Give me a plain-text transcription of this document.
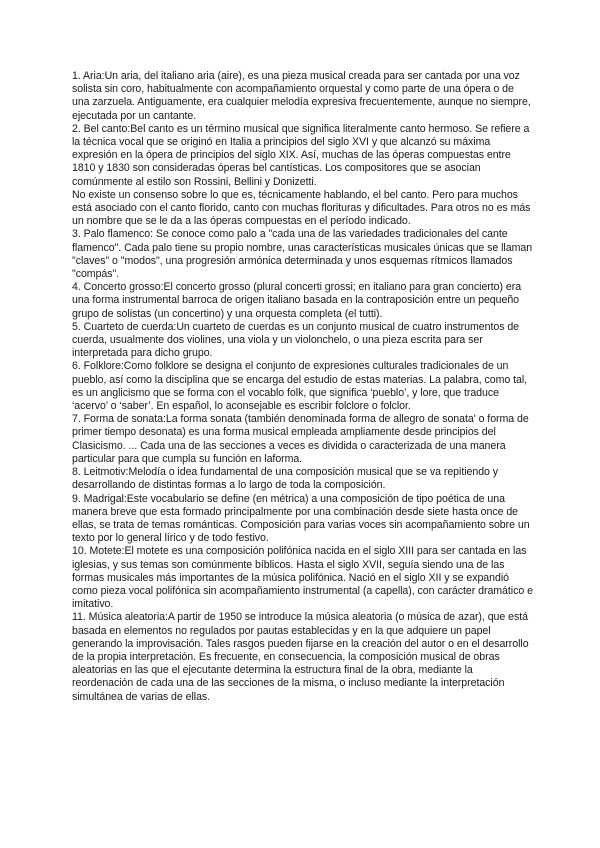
1. Aria:Un aria, del italiano aria (aire), es una pieza musical creada para ser cantada por una voz solista sin coro, habitualmente con acompañamiento orquestal y como parte de una ópera o de una zarzuela. Antiguamente, era cualquier melodía expresiva frecuentemente, aunque no siempre, ejecutada por un cantante.

2. Bel canto:Bel canto es un término musical que significa literalmente canto hermoso. Se refiere a la técnica vocal que se originó en Italia a principios del siglo XVI y que alcanzó su máxima expresión en la ópera de principios del siglo XIX. Así, muchas de las óperas compuestas entre 1810 y 1830 son consideradas óperas bel cantísticas. Los compositores que se asocian comúnmente al estilo son Rossini, Bellini y Donizetti.

No existe un consenso sobre lo que es, técnicamente hablando, el bel canto. Pero para muchos está asociado con el canto florido, canto con muchas florituras y dificultades. Para otros no es más un nombre que se le da a las óperas compuestas en el período indicado.

3. Palo flamenco: Se conoce como palo a "cada una de las variedades tradicionales del cante flamenco". Cada palo tiene su propio nombre, unas características musicales únicas que se llaman "claves" o "modos", una progresión armónica determinada y unos esquemas rítmicos llamados "compás".

4. Concerto grosso:El concerto grosso (plural concerti grossi; en italiano para gran concierto) era una forma instrumental barroca de origen italiano basada en la contraposición entre un pequeño grupo de solistas (un concertino) y una orquesta completa (el tutti).

5. Cuarteto de cuerda:Un cuarteto de cuerdas es un conjunto musical de cuatro instrumentos de cuerda, usualmente dos violines, una viola y un violonchelo, o una pieza escrita para ser interpretada para dicho grupo.

6. Folklore:Como folklore se designa el conjunto de expresiones culturales tradicionales de un pueblo, así como la disciplina que se encarga del estudio de estas materias. La palabra, como tal, es un anglicismo que se forma con el vocablo folk, que significa ‘pueblo’, y lore, que traduce ‘acervo’ o ‘saber’. En español, lo aconsejable es escribir folclore o folclor.

7. Forma de sonata:La forma sonata (también denominada forma de allegro de sonata' o forma de primer tiempo desonata) es una forma musical empleada ampliamente desde principios del Clasicismo. ... Cada una de las secciones a veces es dividida o caracterizada de una manera particular para que cumpla su función en laforma.

8. Leitmotiv:Melodía o idea fundamental de una composición musical que se va repitiendo y desarrollando de distintas formas a lo largo de toda la composición.

9. Madrigal:Este vocabulario se define (en métrica) a una composición de tipo poética de una manera breve que esta formado principalmente por una combinación desde siete hasta once de ellas, se trata de temas románticas. Composición para varias voces sin acompañamiento sobre un texto por lo general lírico y de todo festivo.

10. Motete:El motete es una composición polifónica nacida en el siglo XIII para ser cantada en las iglesias, y sus temas son comúnmente bíblicos. Hasta el siglo XVII, seguía siendo una de las formas musicales más importantes de la música polifónica. Nació en el siglo XII y se expandió como pieza vocal polifónica sin acompañamiento instrumental (a capella), con carácter dramático e imitativo.

11. Música aleatoria:A partir de 1950 se introduce la música aleatoria (o música de azar), que está basada en elementos no regulados por pautas establecidas y en la que adquiere un papel generando la improvisación. Tales rasgos pueden fijarse en la creación del autor o en el desarrollo de la propia interpretación. Es frecuente, en consecuencia, la composición musical de obras aleatorias en las que el ejecutante determina la estructura final de la obra, mediante la reordenación de cada una de las secciones de la misma, o incluso mediante la interpretación simultánea de varias de ellas.
